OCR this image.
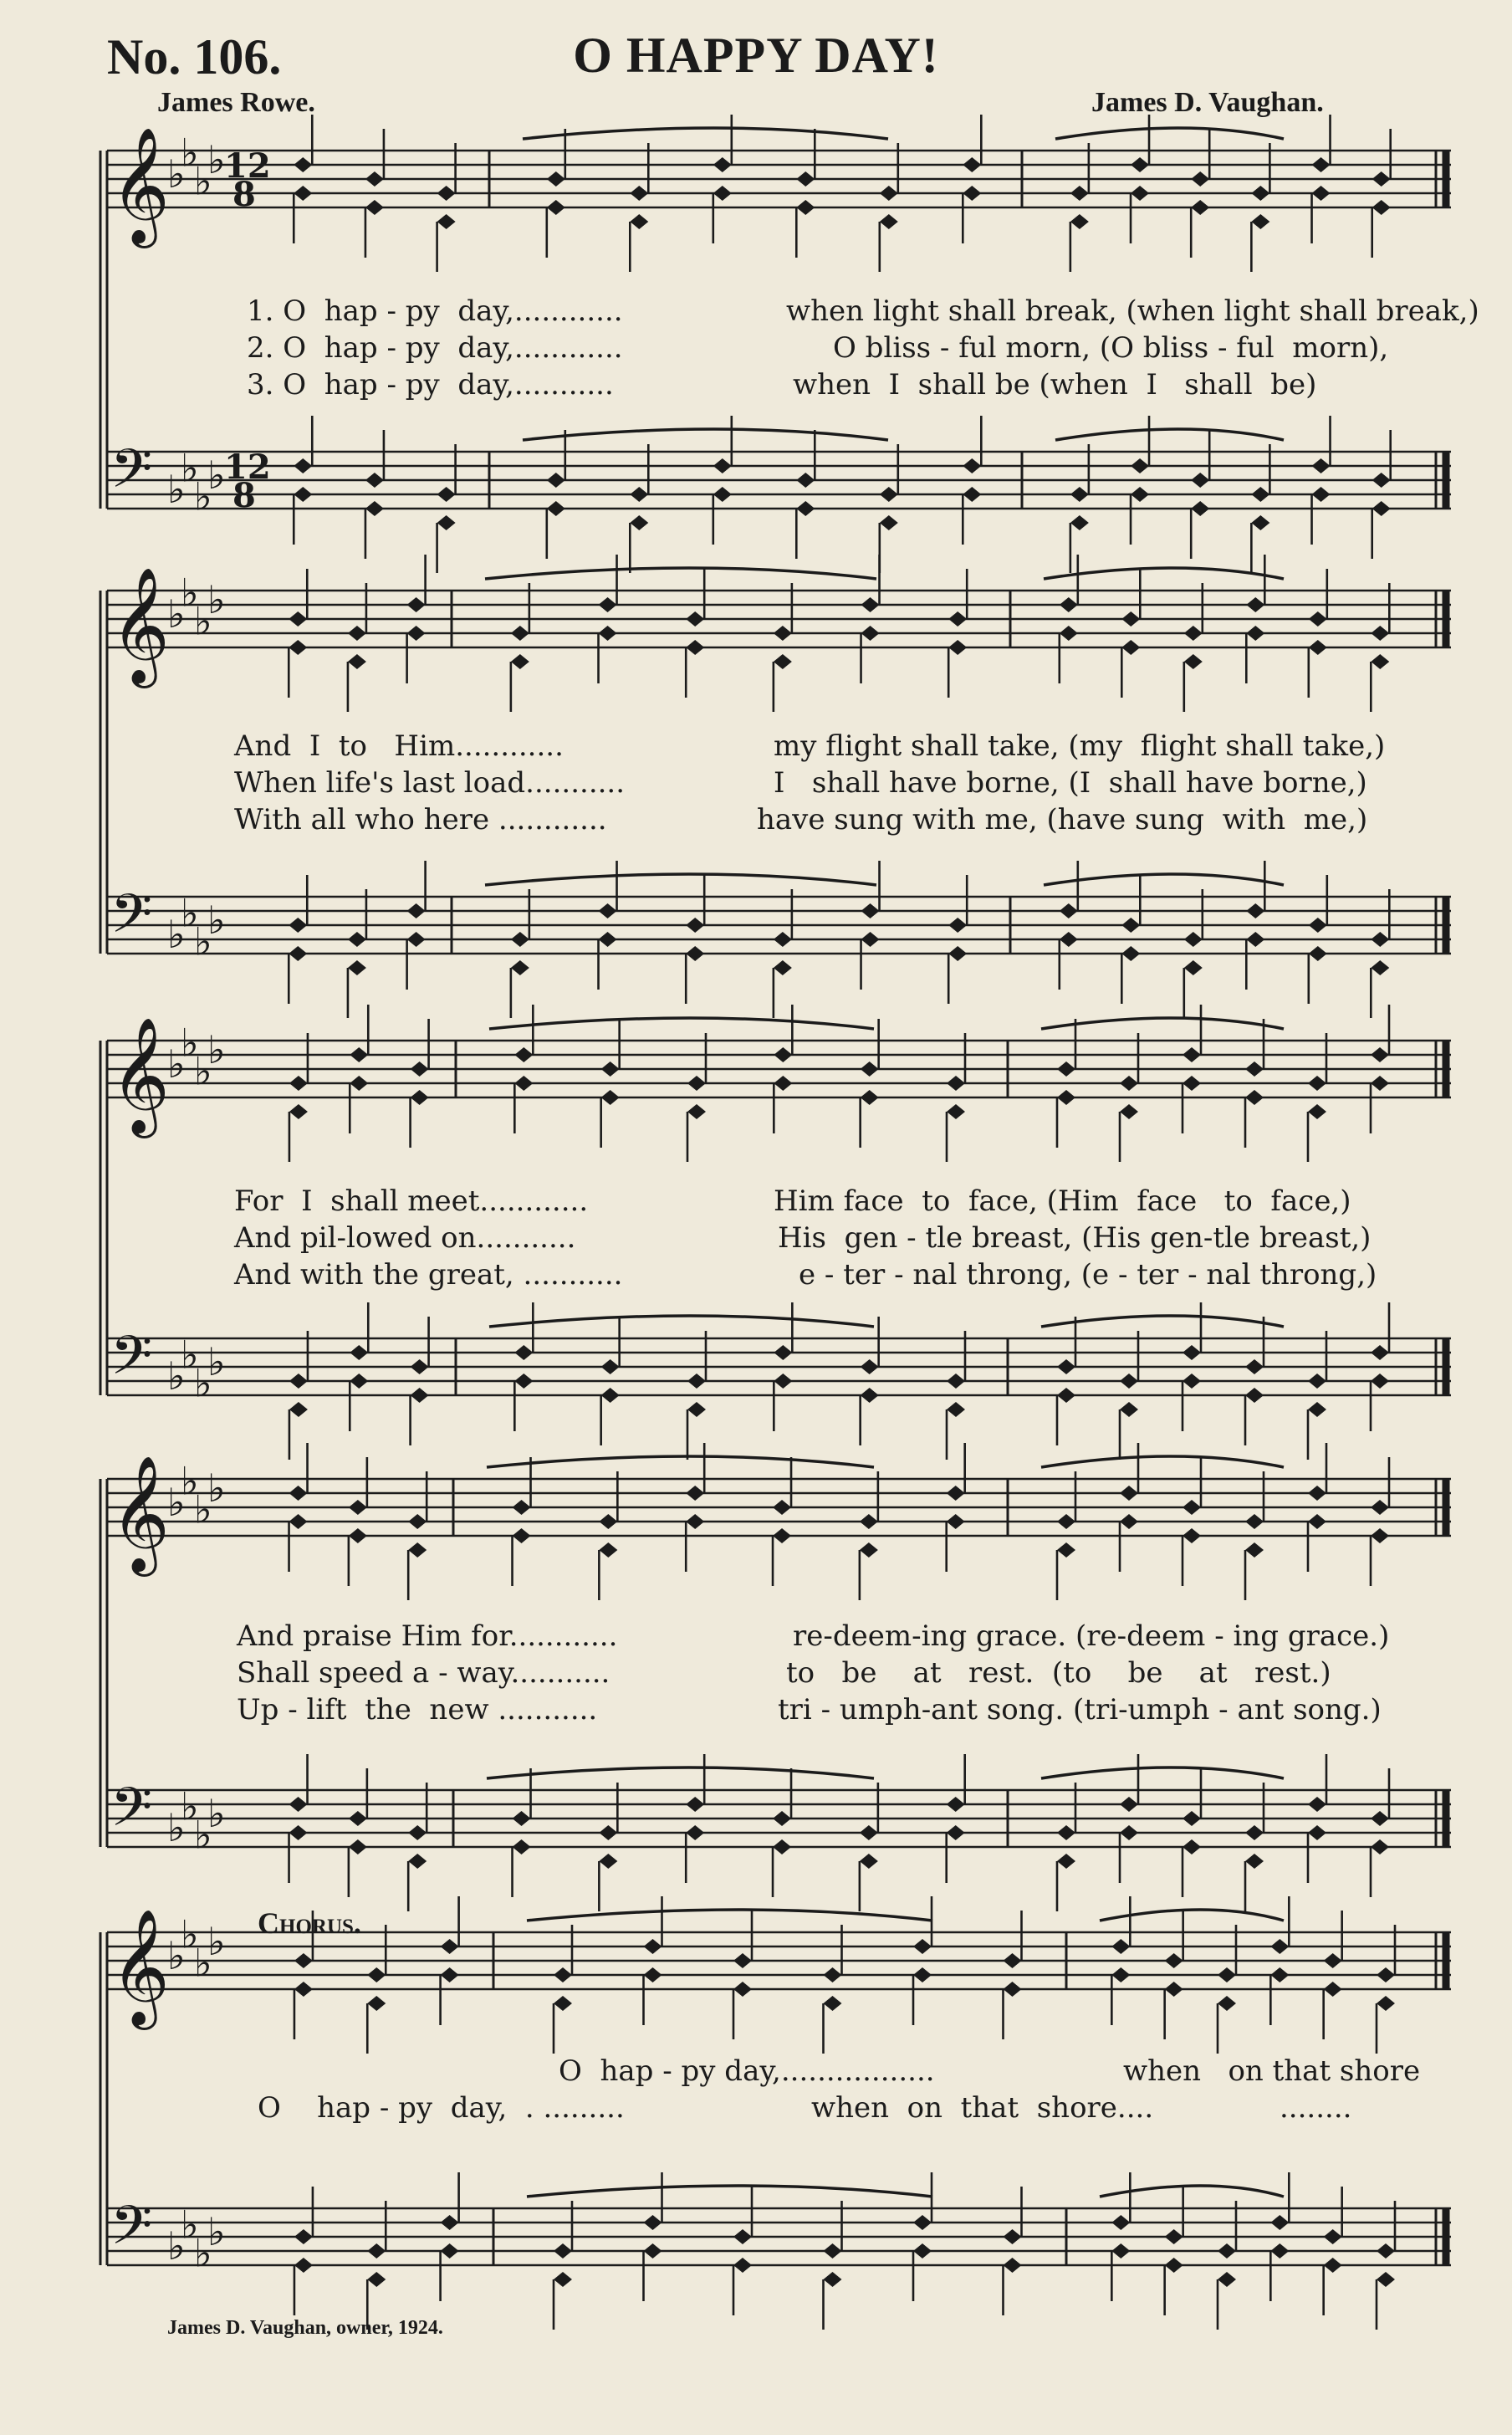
No. 106.	O HAPPY DAY!
James Rowe.	James D. Vaughan.
𝄞
♭
♭
♭
♭
𝄢 ♭
♭
♭
♭
12
8
12
8
𝄞
♭
♭
♭
♭
𝄢 ♭
♭
♭
♭
𝄞
♭
♭
♭
♭
𝄢 ♭
♭
♭
♭
𝄞
♭
♭
♭
♭
𝄢 ♭
♭
♭
♭
𝄞
♭
♭
♭
♭
𝄢 ♭
♭
♭
♭
1. O  hap - py  day,............	when light shall break, (when light shall break,)
2. O  hap - py  day,............	O bliss - ful morn, (O bliss - ful  morn),
3. O  hap - py  day,...........	when  I  shall be (when  I   shall  be)
And  I  to   Him............	my flight shall take, (my  flight shall take,)
When life's last load...........	I   shall have borne, (I  shall have borne,)
With all who here ............	have sung with me, (have sung  with  me,)
For  I  shall meet............	Him face  to  face, (Him  face   to  face,)
And pil-lowed on...........	His  gen - tle breast, (His gen-tle breast,)
And with the great, ...........	e - ter - nal throng, (e - ter - nal throng,)
And praise Him for............	re-deem-ing grace. (re-deem - ing grace.)
Shall speed a - way...........	to   be    at   rest.  (to    be    at   rest.)
Up - lift  the  new ...........	tri - umph-ant song. (tri-umph - ant song.)
Chorus.
O  hap - py day,.................	when   on that shore
O    hap - py  day,  . .........	when  on  that  shore....	........
James D. Vaughan, owner, 1924.
